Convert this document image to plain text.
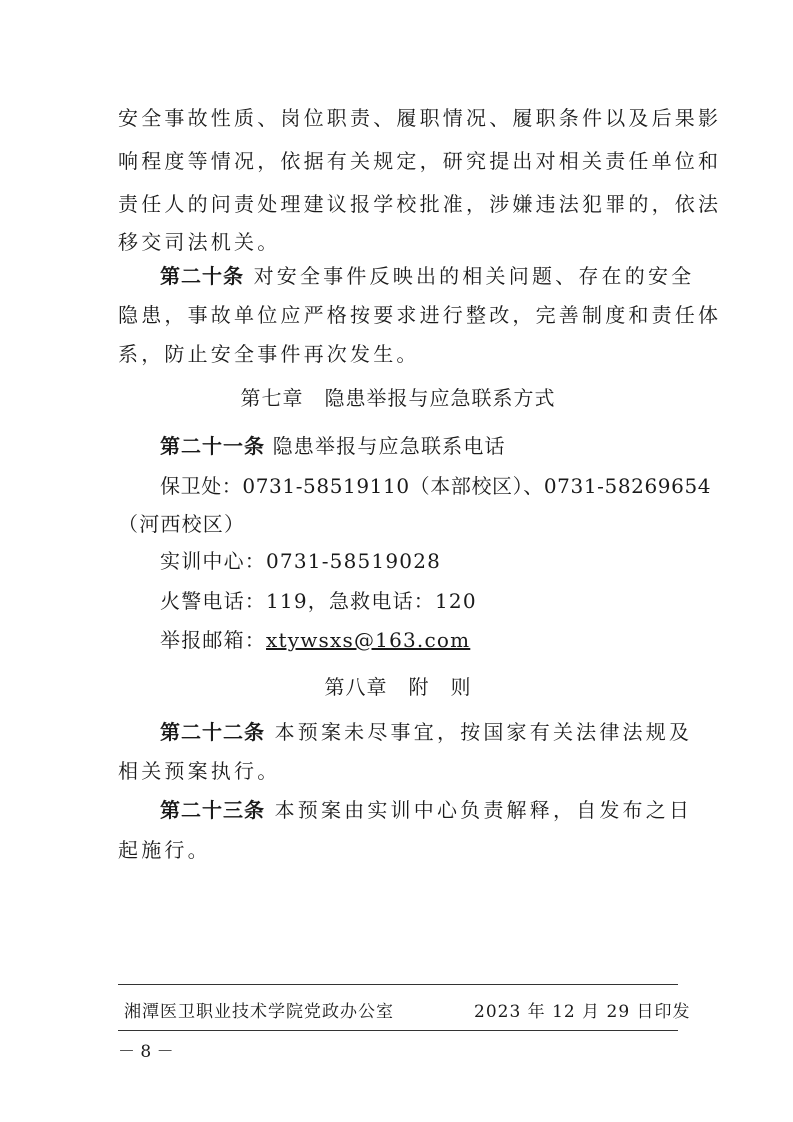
安全事故性质、岗位职责、履职情况、履职条件以及后果影
响程度等情况，依据有关规定，研究提出对相关责任单位和
责任人的问责处理建议报学校批准，涉嫌违法犯罪的，依法
移交司法机关。
第二十条 对安全事件反映出的相关问题、存在的安全
隐患，事故单位应严格按要求进行整改，完善制度和责任体
系，防止安全事件再次发生。
第七章　隐患举报与应急联系方式
第二十一条 隐患举报与应急联系电话
保卫处：0731-58519110（本部校区）、0731-58269654
（河西校区）
实训中心：0731-58519028
火警电话：119，急救电话：120
举报邮箱：xtywsxs@163.com
第八章　附　则
第二十二条 本预案未尽事宜，按国家有关法律法规及
相关预案执行。
第二十三条 本预案由实训中心负责解释，自发布之日
起施行。
湘潭医卫职业技术学院党政办公室	2023 年 12 月 29 日印发
－ 8 －
